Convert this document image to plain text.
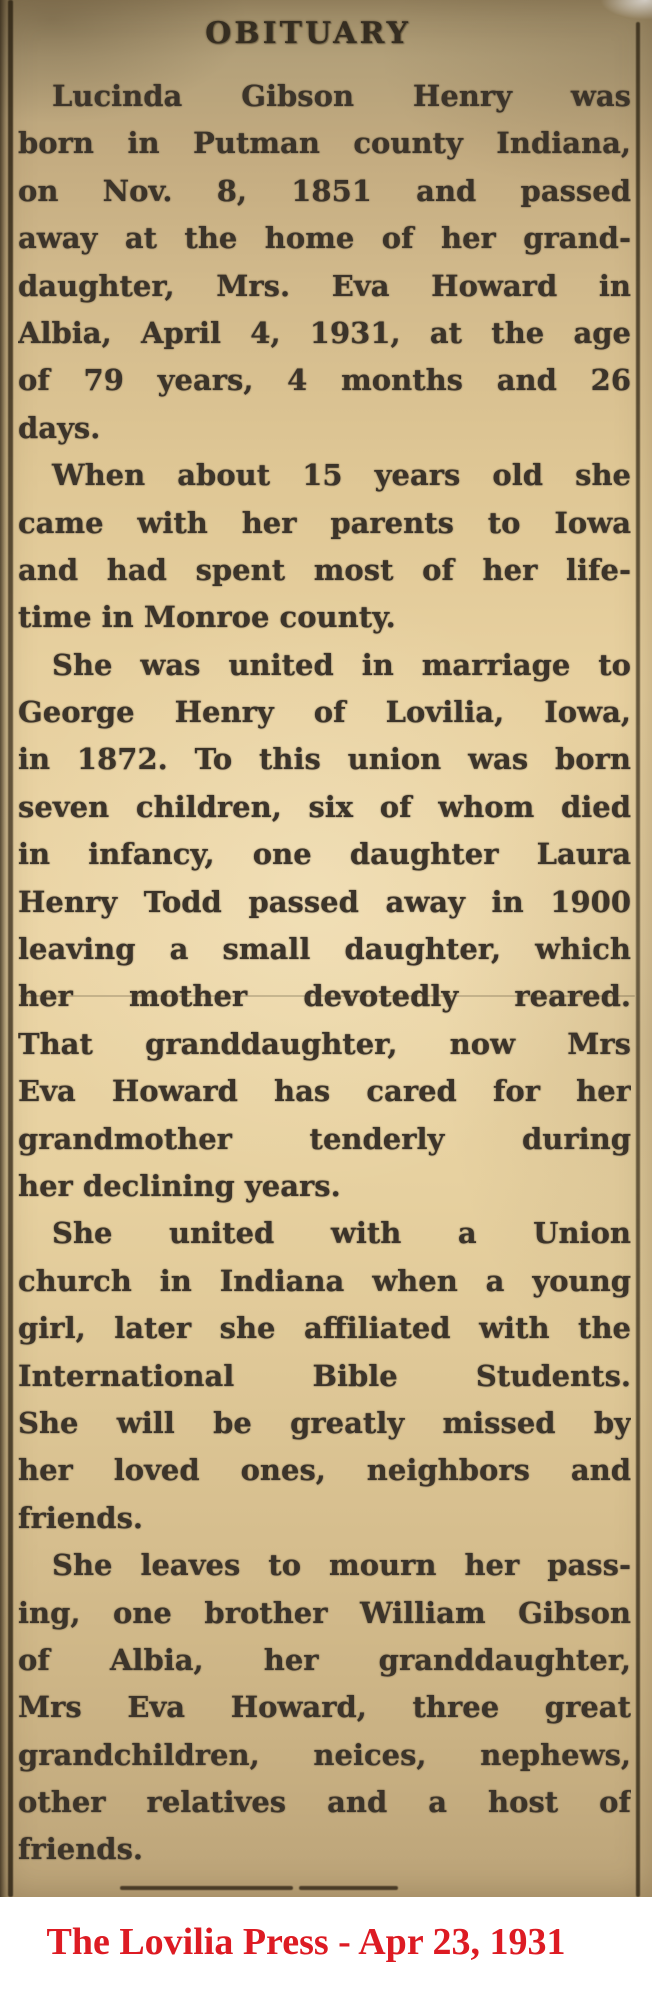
OBITUARY
Lucinda Gibson Henry was
born in Putman county Indiana,
on Nov. 8, 1851 and passed
away at the home of her grand-
daughter, Mrs. Eva Howard in
Albia, April 4, 1931, at the age
of 79 years, 4 months and 26
days.
When about 15 years old she
came with her parents to Iowa
and had spent most of her life-
time in Monroe county.
She was united in marriage to
George Henry of Lovilia, Iowa,
in 1872. To this union was born
seven children, six of whom died
in infancy, one daughter Laura
Henry Todd passed away in 1900
leaving a small daughter, which
her mother devotedly reared.
That granddaughter, now Mrs
Eva Howard has cared for her
grandmother tenderly during
her declining years.
She united with a Union
church in Indiana when a young
girl, later she affiliated with the
International Bible Students.
She will be greatly missed by
her loved ones, neighbors and
friends.
She leaves to mourn her pass-
ing, one brother William Gibson
of Albia, her granddaughter,
Mrs Eva Howard, three great
grandchildren, neices, nephews,
other relatives and a host of
friends.
The Lovilia Press - Apr 23, 1931
